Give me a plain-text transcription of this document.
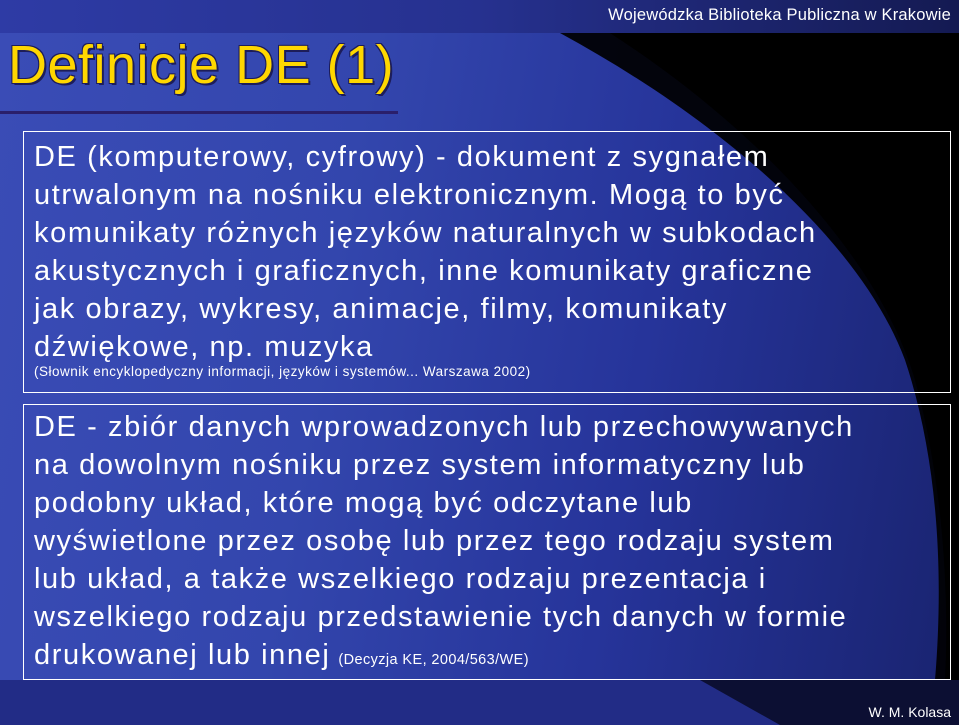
Wojewódzka Biblioteka Publiczna w Krakowie
Definicje DE (1)
DE (komputerowy, cyfrowy) - dokument z sygnałem
utrwalonym na nośniku elektronicznym. Mogą to być
komunikaty różnych języków naturalnych w subkodach
akustycznych i graficznych, inne komunikaty graficzne
jak obrazy, wykresy, animacje, filmy, komunikaty
dźwiękowe, np. muzyka
(Słownik encyklopedyczny informacji, języków i systemów... Warszawa 2002)
DE - zbiór danych wprowadzonych lub przechowywanych
na dowolnym nośniku przez system informatyczny lub
podobny układ, które mogą być odczytane lub
wyświetlone przez osobę lub przez tego rodzaju system
lub układ, a także wszelkiego rodzaju prezentacja i
wszelkiego rodzaju przedstawienie tych danych w formie
drukowanej lub innej (Decyzja KE, 2004/563/WE)
W. M. Kolasa
